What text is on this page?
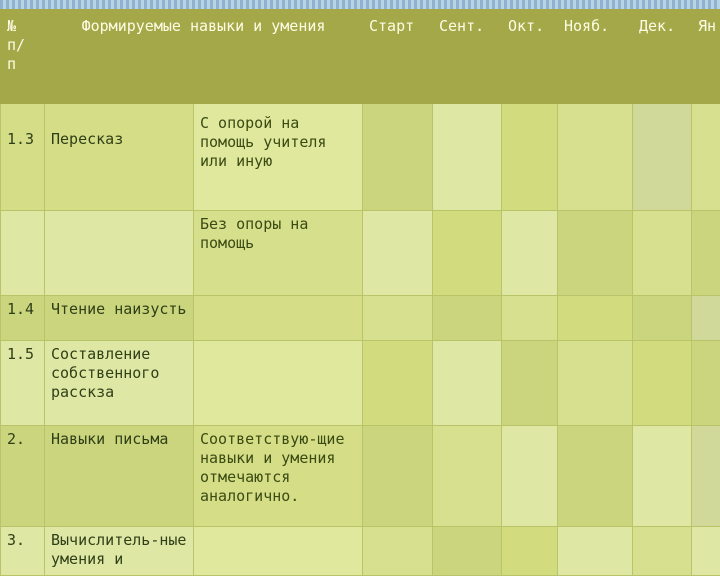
№ п/ п	Формируемые навыки и умения		Старт	Сент.	Окт.	Нояб.	Дек.	Ян
1.3	Пересказ	С опорой на помощь учителя или иную						
		Без опоры на помощь						
1.4	Чтение наизусть							
1.5	Составление собственного расскза							
2.	Навыки письма	Соответствую-щие навыки и умения отмечаются аналогично.						
3.	Вычислитель-ные умения и							
